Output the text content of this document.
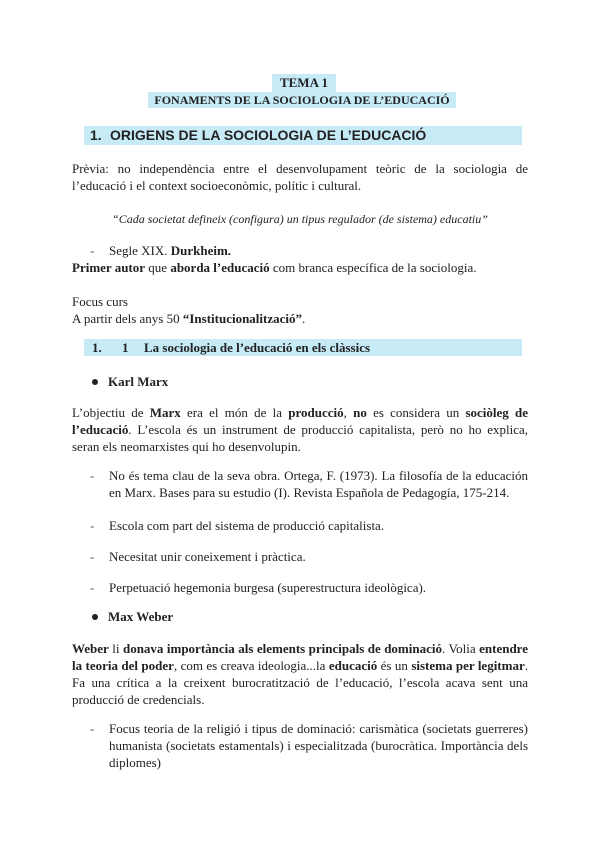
TEMA 1
FONAMENTS DE LA SOCIOLOGIA DE L’EDUCACIÓ
1. ORIGENS DE LA SOCIOLOGIA DE L’EDUCACIÓ
Prèvia: no independència entre el desenvolupament teòric de la sociologia de l’educació i el context socioeconòmic, polític i cultural.
“Cada societat defineix (configura) un tipus regulador (de sistema) educatiu”
- Segle XIX. Durkheim.
Primer autor que aborda l’educació com branca específica de la sociologia.
Focus curs
A partir dels anys 50 “Institucionalització”.
1. 1 La sociologia de l’educació en els clàssics
Karl Marx
L’objectiu de Marx era el món de la producció, no es considera un sociòleg de l’educació. L’escola és un instrument de producció capitalista, però no ho explica, seran els neomarxistes qui ho desenvolupin.
- No és tema clau de la seva obra. Ortega, F. (1973). La filosofía de la educación en Marx. Bases para su estudio (I). Revista Española de Pedagogía, 175-214.
- Escola com part del sistema de producció capitalista.
- Necesitat unir coneixement i pràctica.
- Perpetuació hegemonia burgesa (superestructura ideològica).
Max Weber
Weber li donava importància als elements principals de dominació. Volia entendre la teoria del poder, com es creava ideologia...la educació és un sistema per legitmar. Fa una crítica a la creixent burocratització de l’educació, l’escola acava sent una producció de credencials.
- Focus teoria de la religió i tipus de dominació: carismàtica (societats guerreres) humanista (societats estamentals) i especialitzada (burocràtica. Importància dels diplomes)
